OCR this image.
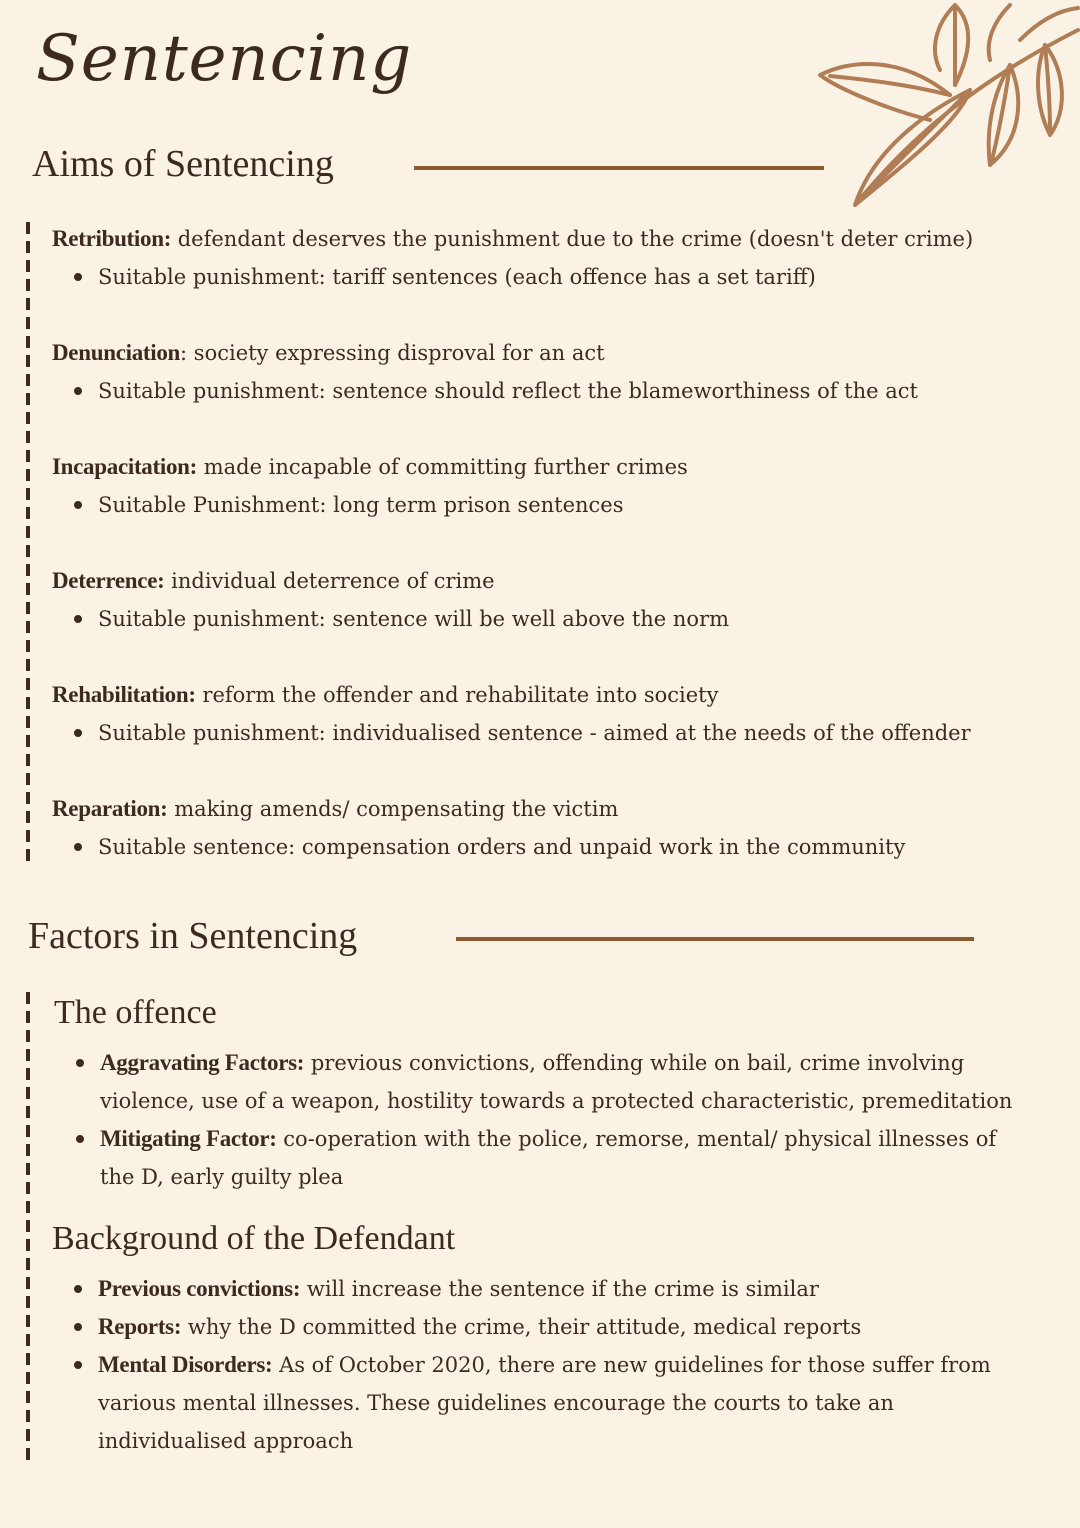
Sentencing
Aims of Sentencing
Retribution: defendant deserves the punishment due to the crime (doesn't deter crime)
Suitable punishment: tariff sentences (each offence has a set tariff)
Denunciation: society expressing disproval for an act
Suitable punishment: sentence should reflect the blameworthiness of the act
Incapacitation: made incapable of committing further crimes
Suitable Punishment: long term prison sentences
Deterrence: individual deterrence of crime
Suitable punishment: sentence will be well above the norm
Rehabilitation: reform the offender and rehabilitate into society
Suitable punishment: individualised sentence - aimed at the needs of the offender
Reparation: making amends/ compensating the victim
Suitable sentence: compensation orders and unpaid work in the community
Factors in Sentencing
The offence
Aggravating Factors: previous convictions, offending while on bail, crime involving violence, use of a weapon, hostility towards a protected characteristic, premeditation
Mitigating Factor: co-operation with the police, remorse, mental/ physical illnesses of the D, early guilty plea
Background of the Defendant
Previous convictions: will increase the sentence if the crime is similar
Reports: why the D committed the crime, their attitude, medical reports
Mental Disorders: As of October 2020, there are new guidelines for those suffer from various mental illnesses. These guidelines encourage the courts to take an individualised approach
